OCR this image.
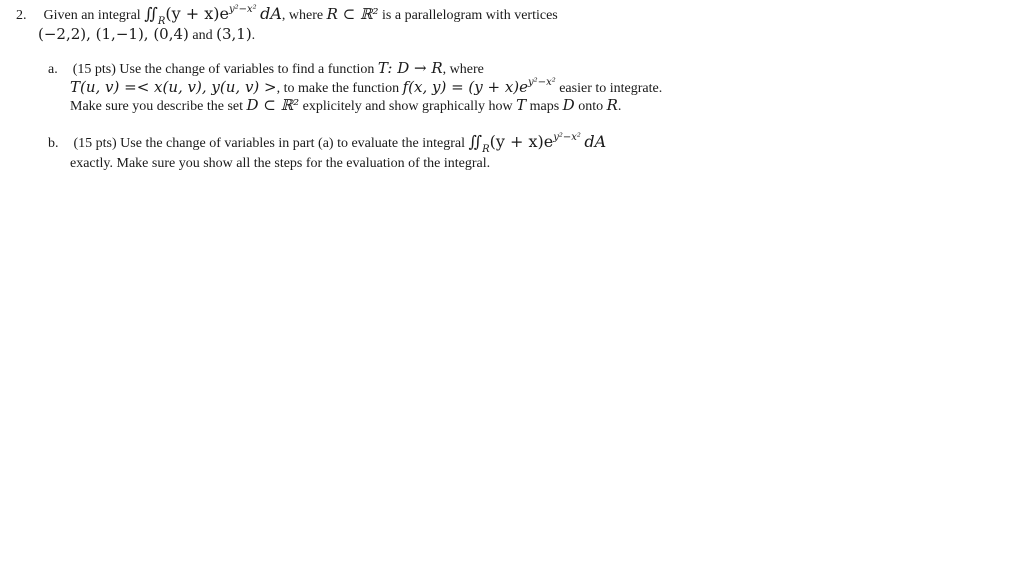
2. Given an integral $∬_R(y + x)e^{y^2-x^2}$ dA, where R ⊂ ℝ² is a parallelogram with vertices
(−2,2), (1,−1), (0,4) and (3,1).
a. (15 pts) Use the change of variables to find a function T: D → R, where
T(u, v) =< x(u, v), y(u, v) >, to make the function f(x, $y) = (y + x)e^{y^2-x^2}$ easier to integrate.
Make sure you describe the set D ⊂ ℝ² explicitely and show graphically how T maps D onto R.
b. (15 pts) Use the change of variables in part (a) to evaluate the integral $∬_R(y + x)e^{y^2-x^2}$ dA
exactly. Make sure you show all the steps for the evaluation of the integral.
